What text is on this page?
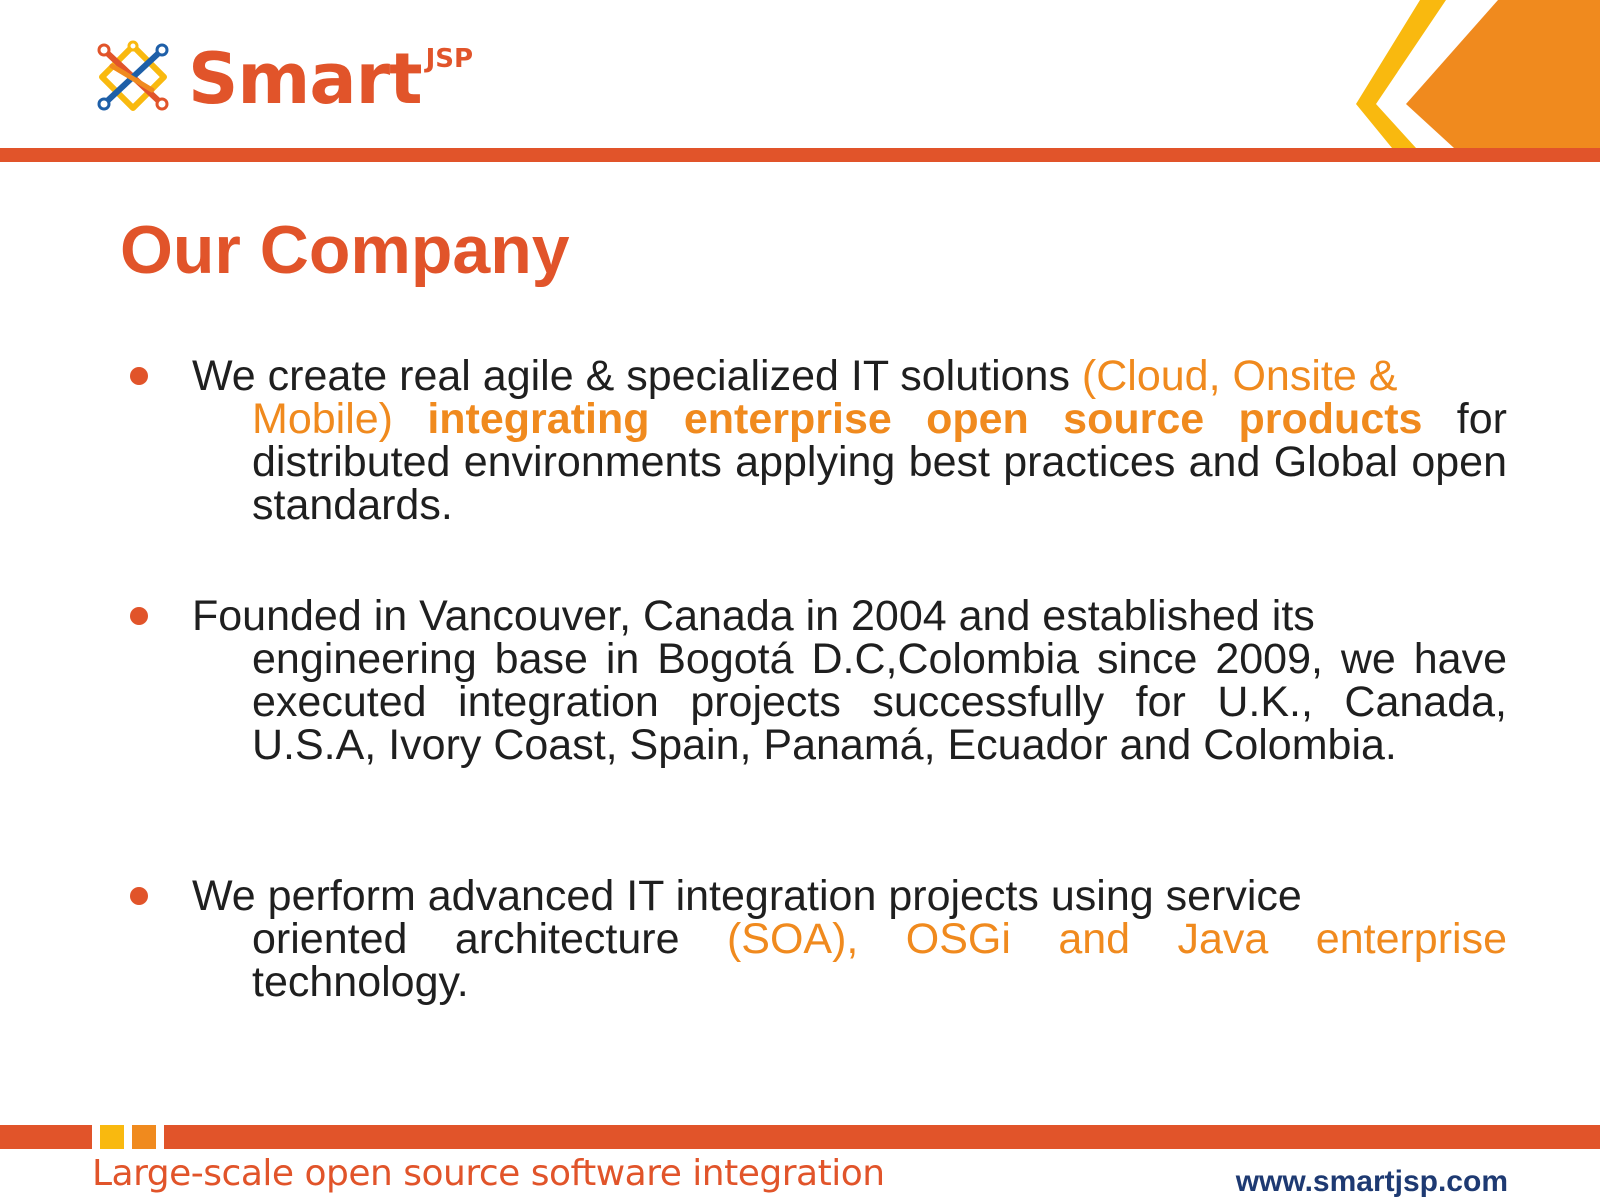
Smart JSP
Our Company
We create real agile & specialized IT solutions (Cloud, Onsite &
Mobile) integrating enterprise open source products for distributed environments applying best practices and Global open standards.
Founded in Vancouver, Canada in 2004 and established its
engineering base in Bogotá D.C,Colombia since 2009, we have executed integration projects successfully for U.K., Canada, U.S.A, Ivory Coast, Spain, Panamá, Ecuador and Colombia.
We perform advanced IT integration projects using service
oriented architecture (SOA), OSGi and Java enterprise technology.
Large-scale open source software integration	www.smartjsp.com
